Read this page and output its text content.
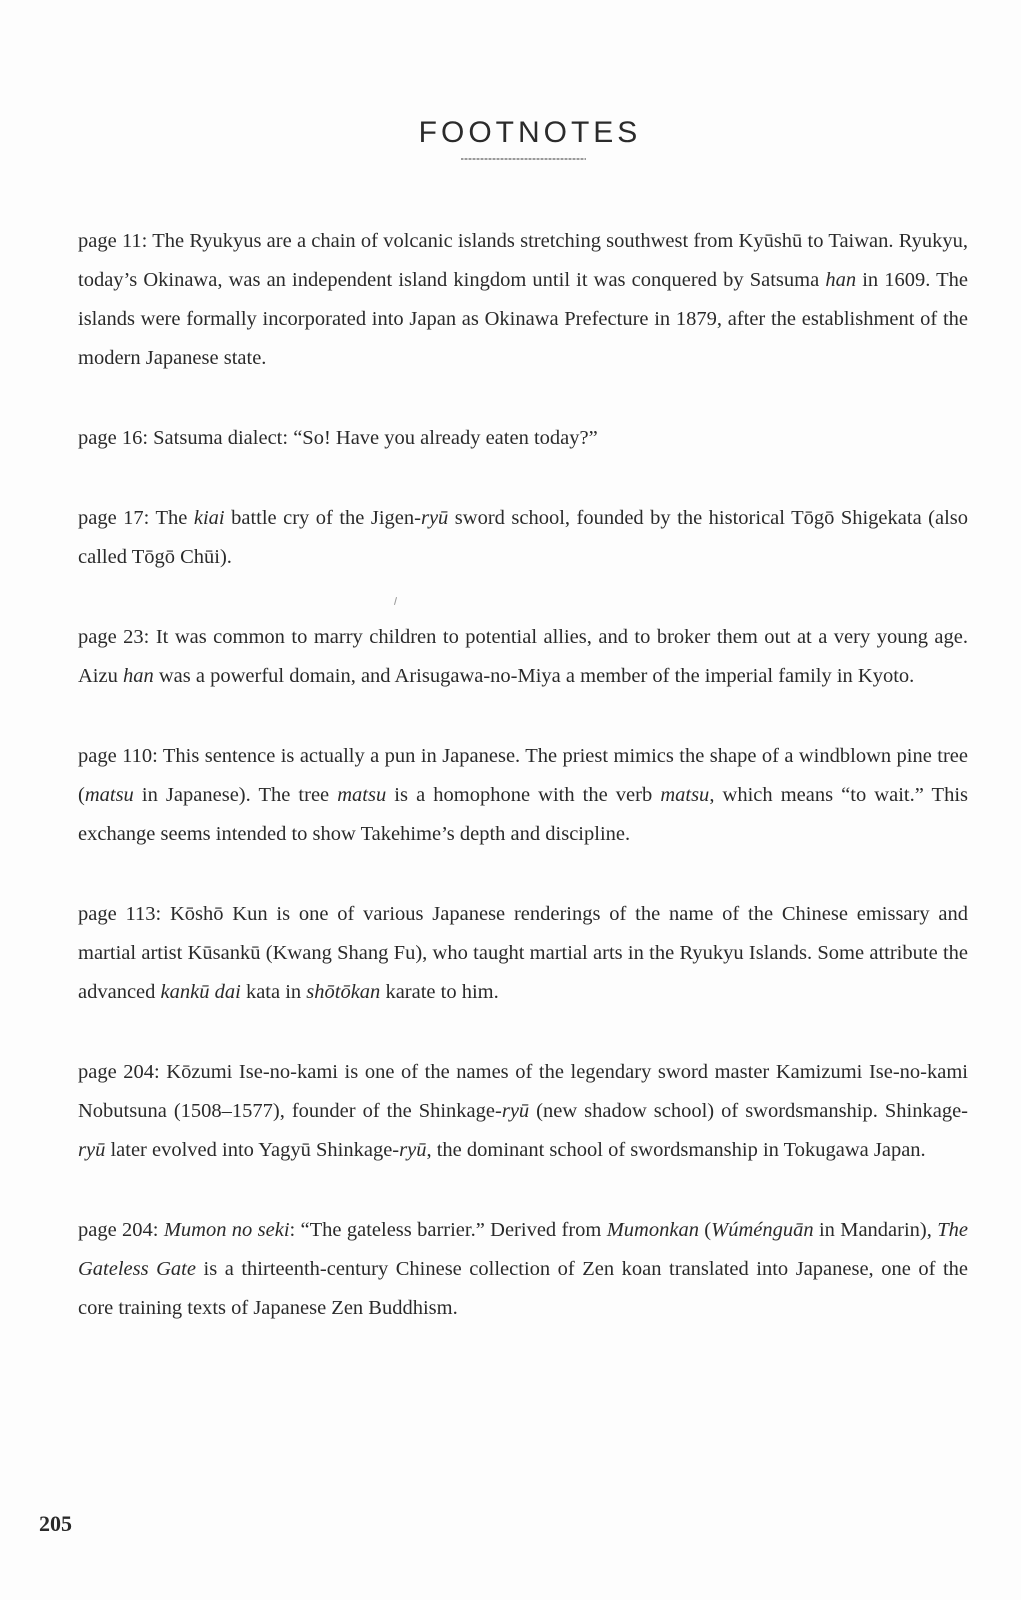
FOOTNOTES

page 11: The Ryukyus are a chain of volcanic islands stretching southwest from Kyūshū to Taiwan. Ryukyu, today’s Okinawa, was an independent island kingdom until it was conquered by Satsuma han in 1609. The islands were formally incorporated into Japan as Okinawa Prefecture in 1879, after the establishment of the modern Japanese state.

page 16: Satsuma dialect: “So! Have you already eaten today?”

page 17: The kiai battle cry of the Jigen-ryū sword school, founded by the historical Tōgō Shigekata (also called Tōgō Chūi).

page 23: It was common to marry children to potential allies, and to broker them out at a very young age. Aizu han was a powerful domain, and Arisugawa-no-Miya a member of the imperial family in Kyoto.

page 110: This sentence is actually a pun in Japanese. The priest mimics the shape of a windblown pine tree (matsu in Japanese). The tree matsu is a homophone with the verb matsu, which means “to wait.” This exchange seems intended to show Takehime’s depth and discipline.

page 113: Kōshō Kun is one of various Japanese renderings of the name of the Chinese emissary and martial artist Kūsankū (Kwang Shang Fu), who taught martial arts in the Ryukyu Islands. Some attribute the advanced kankū dai kata in shōtōkan karate to him.

page 204: Kōzumi Ise-no-kami is one of the names of the legendary sword master Kamizumi Ise-no-kami Nobutsuna (1508–1577), founder of the Shinkage-ryū (new shadow school) of swordsmanship. Shinkage-ryū later evolved into Yagyū Shinkage-ryū, the dominant school of swordsmanship in Tokugawa Japan.

page 204: Mumon no seki: “The gateless barrier.” Derived from Mumonkan (Wúménguān in Mandarin), The Gateless Gate is a thirteenth-century Chinese collection of Zen koan translated into Japanese, one of the core training texts of Japanese Zen Buddhism.

205
